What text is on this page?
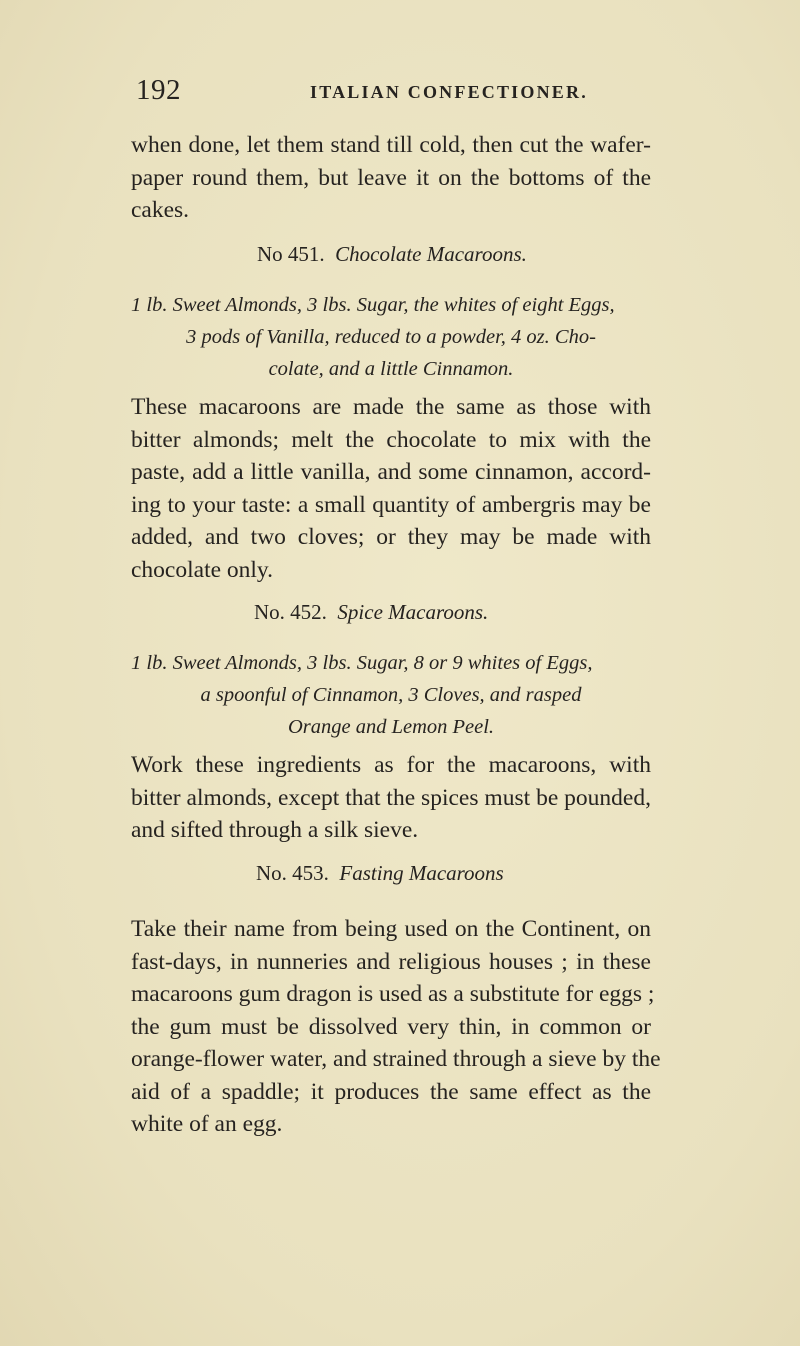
192	ITALIAN CONFECTIONER.
when done, let them stand till cold, then cut the wafer-
paper round them, but leave it on the bottoms of the
cakes.
No 451. Chocolate Macaroons.
1 lb. Sweet Almonds, 3 lbs. Sugar, the whites of eight Eggs,
3 pods of Vanilla, reduced to a powder, 4 oz. Cho-
colate, and a little Cinnamon.
These macaroons are made the same as those with
bitter almonds; melt the chocolate to mix with the
paste, add a little vanilla, and some cinnamon, accord-
ing to your taste: a small quantity of ambergris may be
added, and two cloves; or they may be made with
chocolate only.
No. 452. Spice Macaroons.
1 lb. Sweet Almonds, 3 lbs. Sugar, 8 or 9 whites of Eggs,
a spoonful of Cinnamon, 3 Cloves, and rasped
Orange and Lemon Peel.
Work these ingredients as for the macaroons, with
bitter almonds, except that the spices must be pounded,
and sifted through a silk sieve.
No. 453. Fasting Macaroons
Take their name from being used on the Continent, on
fast-days, in nunneries and religious houses ; in these
macaroons gum dragon is used as a substitute for eggs ;
the gum must be dissolved very thin, in common or
orange-flower water, and strained through a sieve by the
aid of a spaddle; it produces the same effect as the
white of an egg.
